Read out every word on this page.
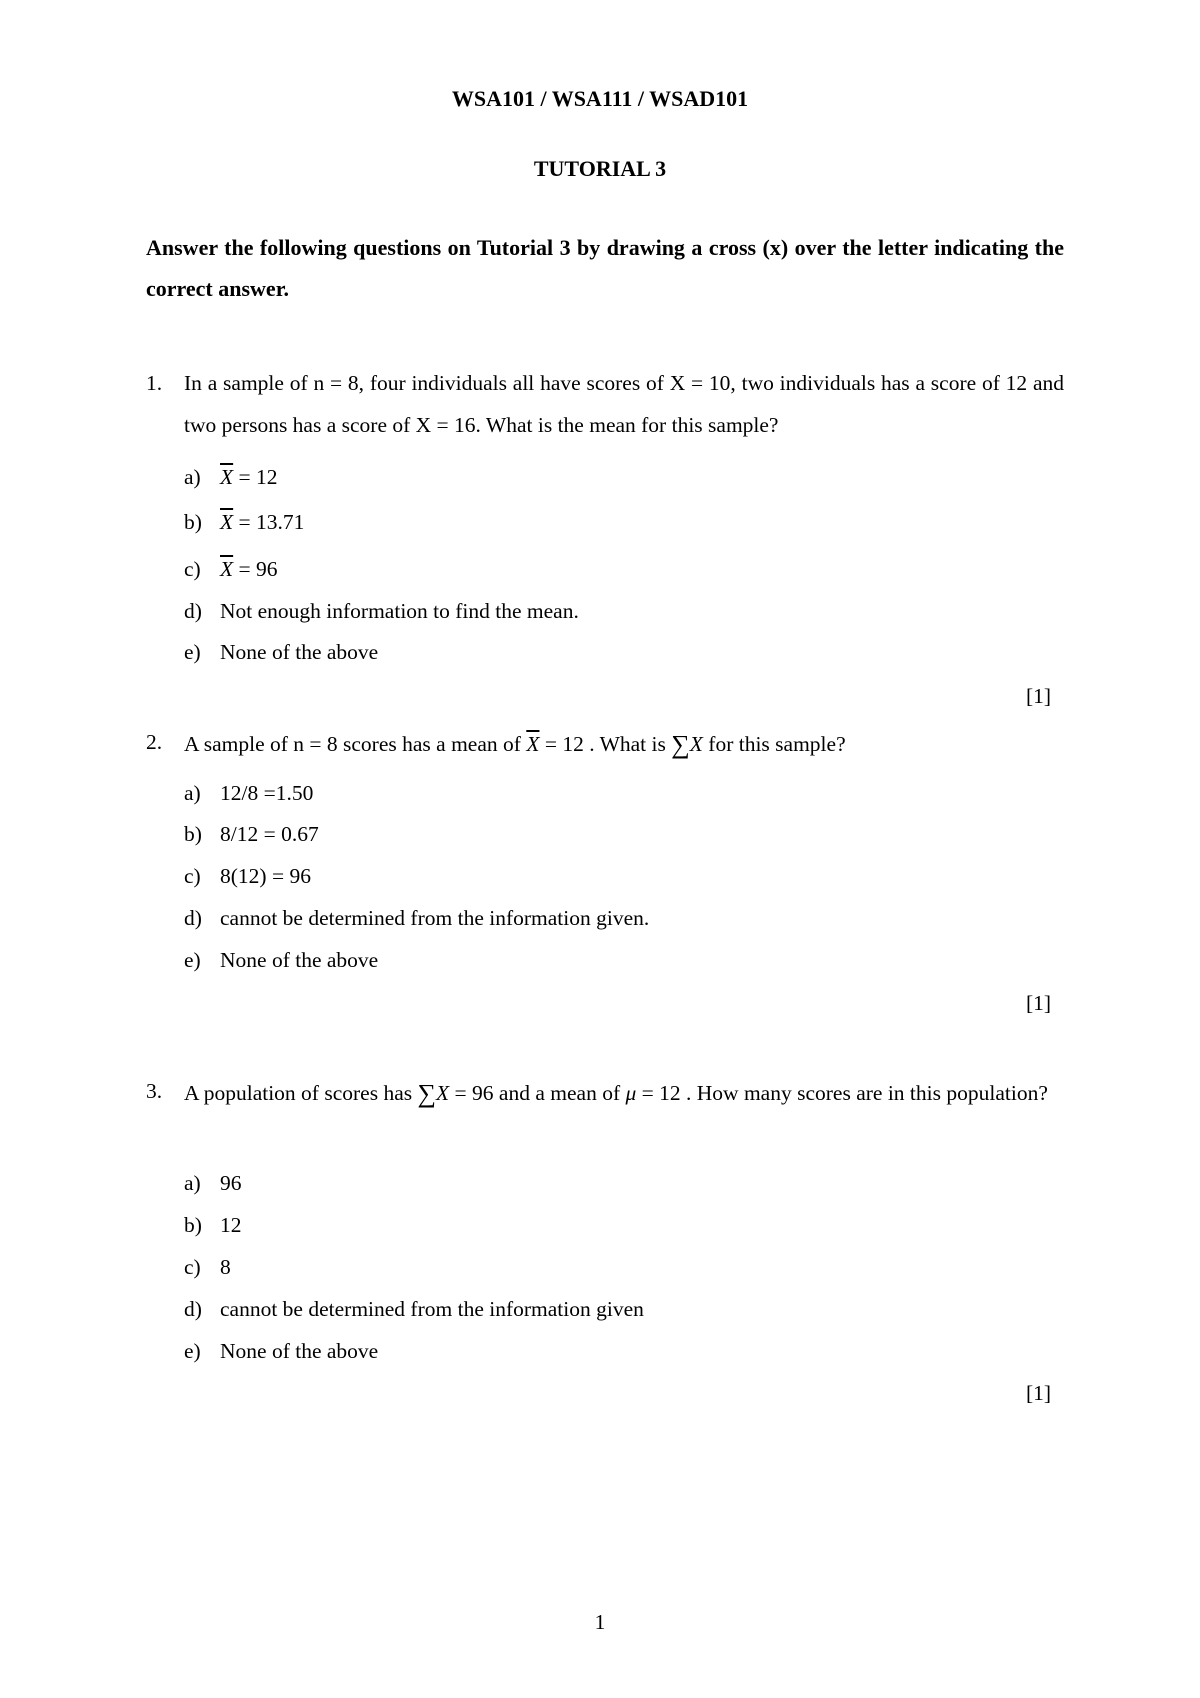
WSA101 / WSA111 / WSAD101
TUTORIAL 3
Answer the following questions on Tutorial 3 by drawing a cross (x) over the letter indicating the correct answer.
1. In a sample of n = 8, four individuals all have scores of X = 10, two individuals has a score of 12 and two persons has a score of X = 16. What is the mean for this sample?
a) $\overline{X} = 12$
b) $\overline{X} = 13.71$
c) $\overline{X} = 96$
d) Not enough information to find the mean.
e) None of the above
[1]
2. A sample of n = 8 scores has a mean of $\overline{X} = 12$ . What is ∑X for this sample?
a) 12/8 =1.50
b) 8/12 = 0.67
c) 8(12) = 96
d) cannot be determined from the information given.
e) None of the above
[1]
3. A population of scores has ∑X = 96 and a mean of μ = 12 . How many scores are in this population?
a) 96
b) 12
c) 8
d) cannot be determined from the information given
e) None of the above
[1]
1
